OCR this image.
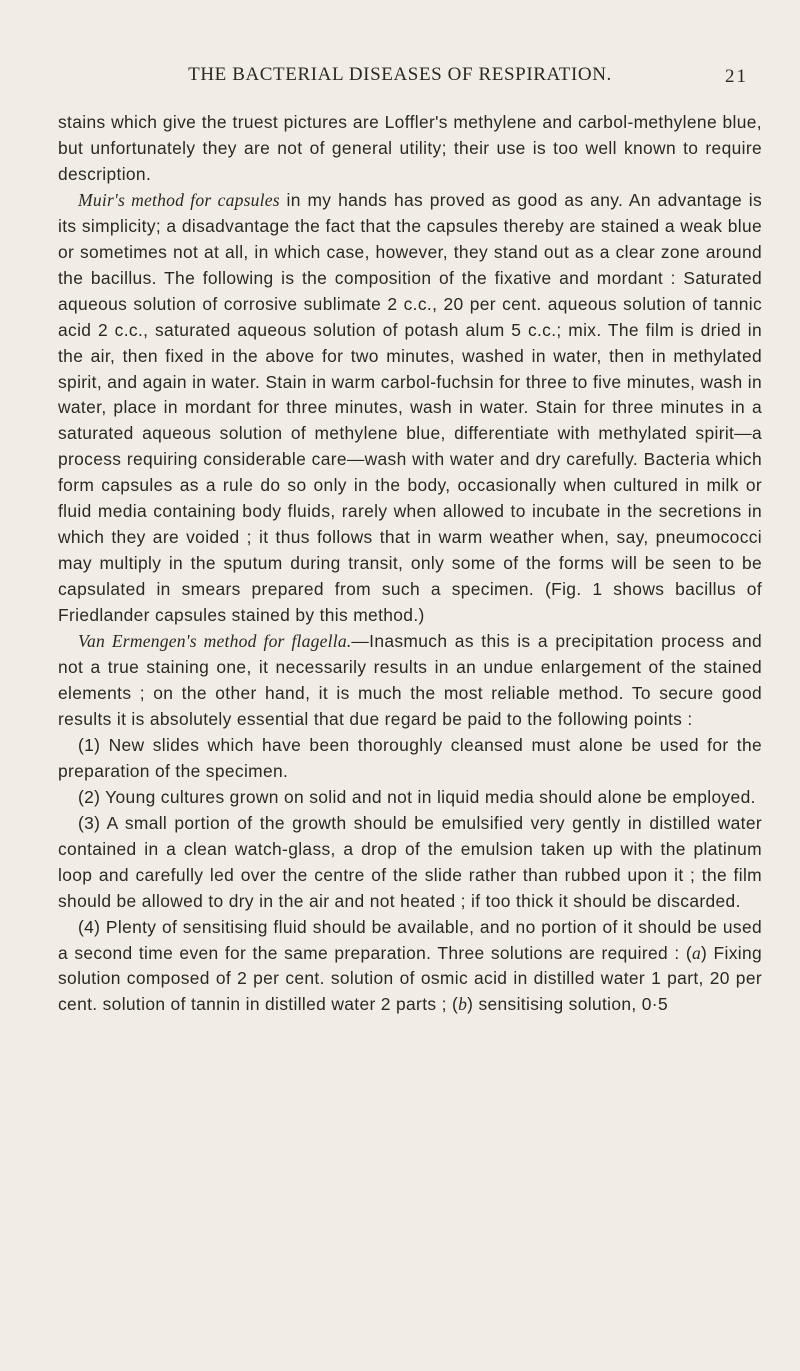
THE BACTERIAL DISEASES OF RESPIRATION.	21

stains which give the truest pictures are Loffler's methylene and carbol-methylene blue, but unfortunately they are not of general utility; their use is too well known to require description.

Muir's method for capsules in my hands has proved as good as any. An advantage is its simplicity; a disadvantage the fact that the capsules thereby are stained a weak blue or sometimes not at all, in which case, however, they stand out as a clear zone around the bacillus. The following is the composition of the fixative and mordant : Saturated aqueous solution of corrosive sublimate 2 c.c., 20 per cent. aqueous solution of tannic acid 2 c.c., saturated aqueous solution of potash alum 5 c.c.; mix. The film is dried in the air, then fixed in the above for two minutes, washed in water, then in methylated spirit, and again in water. Stain in warm carbol-fuchsin for three to five minutes, wash in water, place in mordant for three minutes, wash in water. Stain for three minutes in a saturated aqueous solution of methylene blue, differentiate with methylated spirit—a process requiring considerable care—wash with water and dry carefully. Bacteria which form capsules as a rule do so only in the body, occasionally when cultured in milk or fluid media containing body fluids, rarely when allowed to incubate in the secretions in which they are voided ; it thus follows that in warm weather when, say, pneumococci may multiply in the sputum during transit, only some of the forms will be seen to be capsulated in smears prepared from such a specimen. (Fig. 1 shows bacillus of Friedlander capsules stained by this method.)

Van Ermengen's method for flagella.—Inasmuch as this is a precipitation process and not a true staining one, it necessarily results in an undue enlargement of the stained elements ; on the other hand, it is much the most reliable method. To secure good results it is absolutely essential that due regard be paid to the following points :

(1) New slides which have been thoroughly cleansed must alone be used for the preparation of the specimen.

(2) Young cultures grown on solid and not in liquid media should alone be employed.

(3) A small portion of the growth should be emulsified very gently in distilled water contained in a clean watch-glass, a drop of the emulsion taken up with the platinum loop and carefully led over the centre of the slide rather than rubbed upon it ; the film should be allowed to dry in the air and not heated ; if too thick it should be discarded.

(4) Plenty of sensitising fluid should be available, and no portion of it should be used a second time even for the same preparation. Three solutions are required : (a) Fixing solution composed of 2 per cent. solution of osmic acid in distilled water 1 part, 20 per cent. solution of tannin in distilled water 2 parts ; (b) sensitising solution, 0·5
